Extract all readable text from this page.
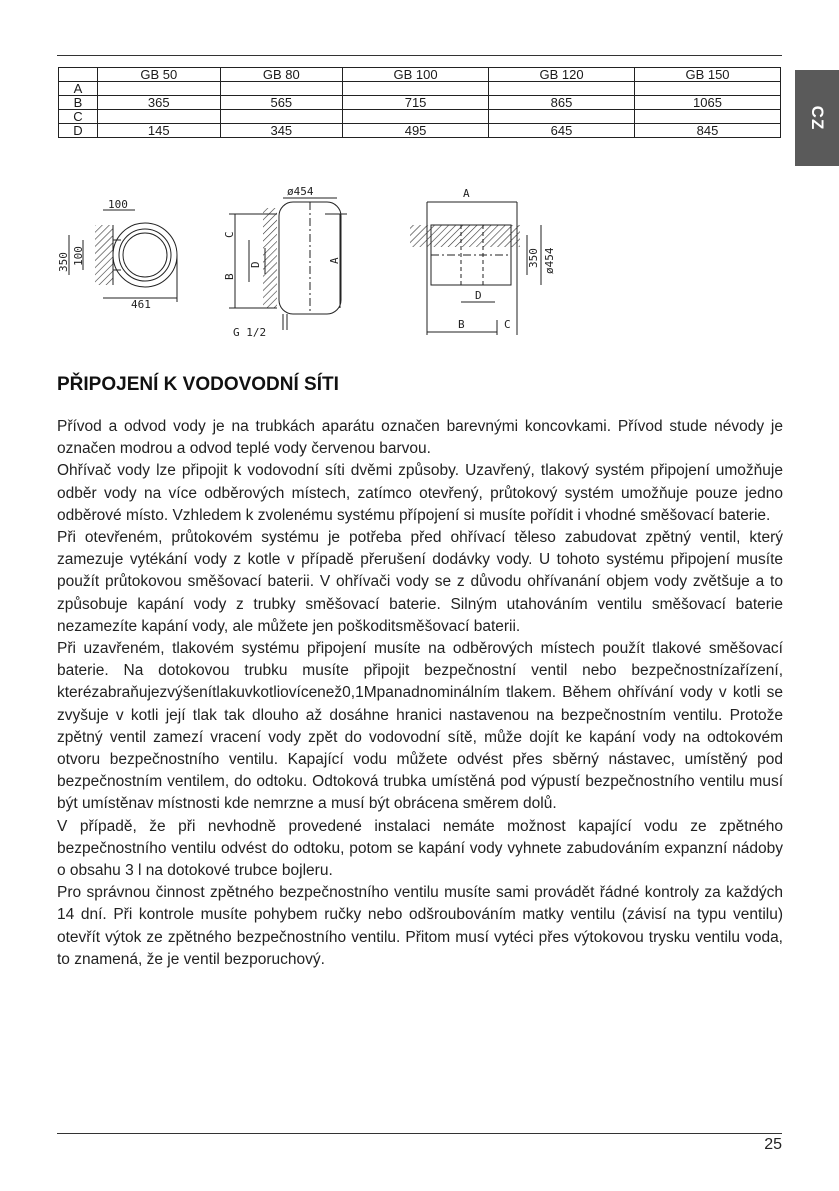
CZ
	GB 50	GB 80	GB 100	GB 120	GB 150
A					
B	365	565	715	865	1065
C					
D	145	345	495	645	845
100
350 100
461
ø454
C
D
B
A
G 1/2
A
350 ø454
D
B	C
PŘIPOJENÍ K VODOVODNÍ SÍTI

Přívod a odvod vody je na trubkách aparátu označen barevnými koncovkami. Přívod stude névody je označen modrou a odvod teplé vody červenou barvou.

Ohřívač vody lze připojit k vodovodní síti dvěmi způsoby. Uzavřený, tlakový systém připojení umožňuje odběr vody na více odběrových místech, zatímco otevřený, průtokový systém umožňuje pouze jedno odběrové místo. Vzhledem k zvolenému systému přípojení si musíte pořídit i vhodné směšovací baterie.

Při otevřeném, průtokovém systému je potřeba před ohřívací těleso zabudovat zpětný ventil, který zamezuje vytékání vody z kotle v případě přerušení dodávky vody. U tohoto systému připojení musíte použít průtokovou směšovací baterii. V ohřívači vody se z důvodu ohřívanání objem vody zvětšuje a to způsobuje kapání vody z trubky směšovací baterie. Silným utahováním ventilu směšovací baterie nezamezíte kapání vody, ale můžete jen poškoditsměšovací baterii.

Při uzavřeném, tlakovém systému připojení musíte na odběrových místech použít tlakové směšovací baterie. Na dotokovou trubku musíte připojit bezpečnostní ventil nebo bezpečnostnízařízení, kterézabraňujezvýšenítlakuvkotliovícenež0,1Mpanadnominálním tlakem. Během ohřívání vody v kotli se zvyšuje v kotli její tlak tak dlouho až dosáhne hranici nastavenou na bezpečnostním ventilu. Protože zpětný ventil zamezí vracení vody zpět do vodovodní sítě, může dojít ke kapání vody na odtokovém otvoru bezpečnostního ventilu. Kapající vodu můžete odvést přes sběrný nástavec, umístěný pod bezpečnostním ventilem, do odtoku. Odtoková trubka umístěná pod výpustí bezpečnostního ventilu musí být umístěnav místnosti kde nemrzne a musí být obrácena směrem dolů.

V případě, že při nevhodně provedené instalaci nemáte možnost kapající vodu ze zpětného bezpečnostního ventilu odvést do odtoku, potom se kapání vody vyhnete zabudováním expanzní nádoby o obsahu 3 l na dotokové trubce bojleru.

Pro správnou činnost zpětného bezpečnostního ventilu musíte sami provádět řádné kontroly za každých 14 dní. Při kontrole musíte pohybem ručky nebo odšroubováním matky ventilu (závisí na typu ventilu) otevřít výtok ze zpětného bezpečnostního ventilu. Přitom musí vytéci přes výtokovou trysku ventilu voda, to znamená, že je ventil bezporuchový.

25
